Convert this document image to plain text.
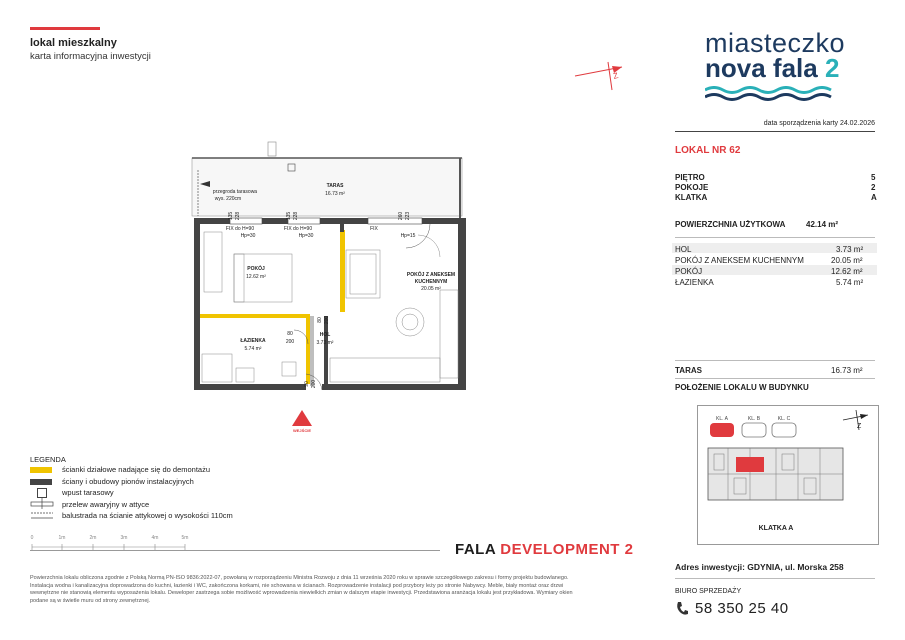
lokal mieszkalny
karta informacyjna inwestycji
Z
miasteczko
nova fala 2
data sporządzenia karty 24.02.2026
LOKAL NR 62
PIĘTRO	5
POKOJE	2
KLATKA	A
POWIERZCHNIA UŻYTKOWA	42.14 m²
HOL	3.73 m²
POKÓJ Z ANEKSEM KUCHENNYM	20.05 m²
POKÓJ	12.62 m²
ŁAZIENKA	5.74 m²
TARAS	16.73 m²
POŁOŻENIE LOKALU W BUDYNKU
KL. A	KL. B	KL. C
Z
KLATKA A
przegroda tarasowa
wys. 220cm
TARAS
16.73 m²
FIX do H=90
Hp=30
FIX do H=90
Hp=30
FIX
Hp=15
135 228	135 228	260 223
POKÓJ
12.62 m²	POKÓJ Z ANEKSEM
KUCHENNYM
20.05 m²
ŁAZIENKA
5.74 m²
HOL
3.73 m²
80
200
80 200
90 200
WEJŚCIE
LEGENDA
ścianki działowe nadające się do demontażu
ściany i obudowy pionów instalacyjnych
wpust tarasowy
przelew awaryjny w attyce
balustrada na ścianie attykowej o wysokości 110cm
0	1m	2m	3m	4m	5m
FALA DEVELOPMENT 2
Powierzchnia lokalu obliczona zgodnie z Polską Normą PN-ISO 9836:2022-07, powołaną w rozporządzeniu Ministra Rozwoju z dnia 11 września 2020 roku w sprawie szczegółowego zakresu i formy projektu budowlanego. Instalacja wodna i kanalizacyjna doprowadzona do kuchni, łazienki i WC, zakończona korkami, nie schowana w ścianach. Rozprowadzenie instalacji pod przybory leży po stronie Nabywcy. Meble, biały montaż oraz drzwi wewnętrzne nie stanowią elementu wyposażenia lokalu. Deweloper zastrzega sobie możliwość wprowadzenia niewielkich zmian w dalszym etapie inwestycji. Przedstawiona aranżacja lokalu jest przykładowa. Wymiary okien podane są w świetle muru od strony zewnętrznej.
Adres inwestycji: GDYNIA, ul. Morska 258
BIURO SPRZEDAŻY
58 350 25 40
